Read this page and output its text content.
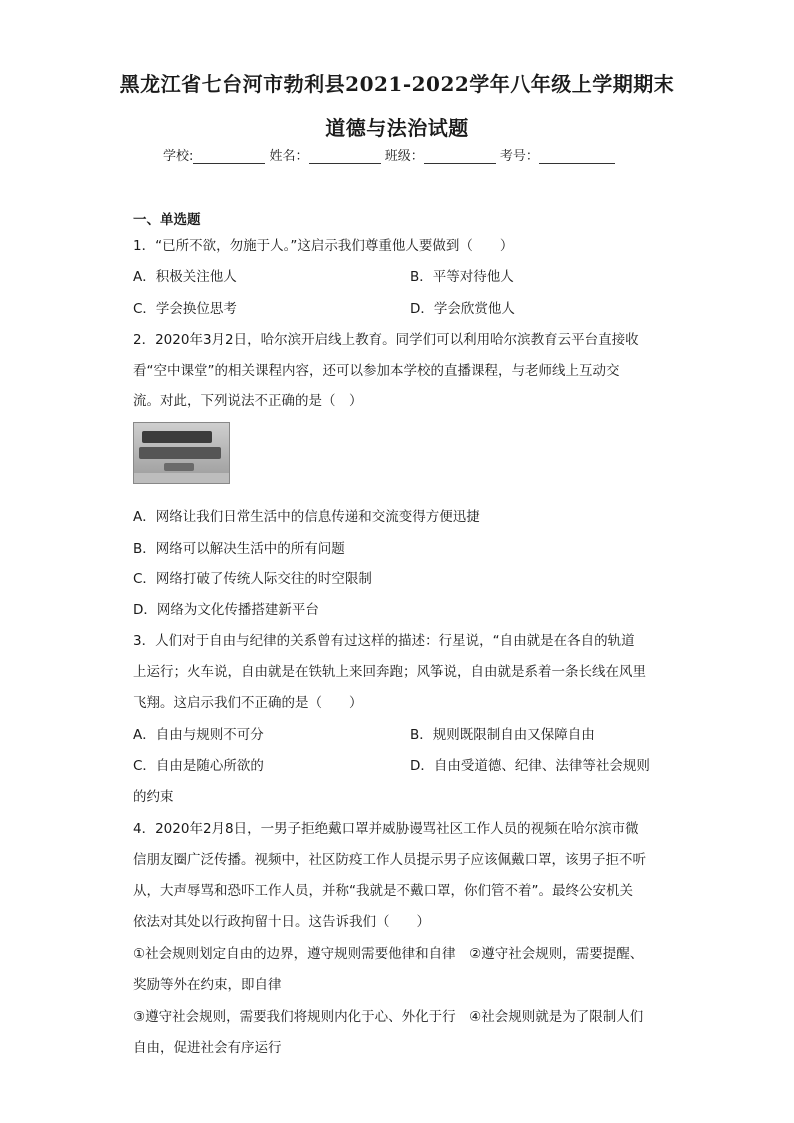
黑龙江省七台河市勃利县2021-2022学年八年级上学期期末
道德与法治试题
学校:	姓名：	班级：	考号：
一、单选题
1．“已所不欲，勿施于人。”这启示我们尊重他人要做到（　　）
A．积极关注他人	B．平等对待他人
C．学会换位思考	D．学会欣赏他人
2．2020年3月2日，哈尔滨开启线上教育。同学们可以利用哈尔滨教育云平台直接收
看“空中课堂”的相关课程内容，还可以参加本学校的直播课程，与老师线上互动交
流。对此，下列说法不正确的是（　）
A．网络让我们日常生活中的信息传递和交流变得方便迅捷
B．网络可以解决生活中的所有问题
C．网络打破了传统人际交往的时空限制
D．网络为文化传播搭建新平台
3．人们对于自由与纪律的关系曾有过这样的描述：行星说，“自由就是在各自的轨道
上运行；火车说，自由就是在铁轨上来回奔跑；风筝说，自由就是系着一条长线在风里
飞翔。这启示我们不正确的是（　　）
A．自由与规则不可分	B．规则既限制自由又保障自由
C．自由是随心所欲的	D．自由受道德、纪律、法律等社会规则
的约束
4．2020年2月8日，一男子拒绝戴口罩并威胁谩骂社区工作人员的视频在哈尔滨市微
信朋友圈广泛传播。视频中，社区防疫工作人员提示男子应该佩戴口罩，该男子拒不听
从，大声辱骂和恐吓工作人员，并称“我就是不戴口罩，你们管不着”。最终公安机关
依法对其处以行政拘留十日。这告诉我们（　　）
①社会规则划定自由的边界，遵守规则需要他律和自律　②遵守社会规则，需要提醒、
奖励等外在约束，即自律
③遵守社会规则，需要我们将规则内化于心、外化于行　④社会规则就是为了限制人们
自由，促进社会有序运行
